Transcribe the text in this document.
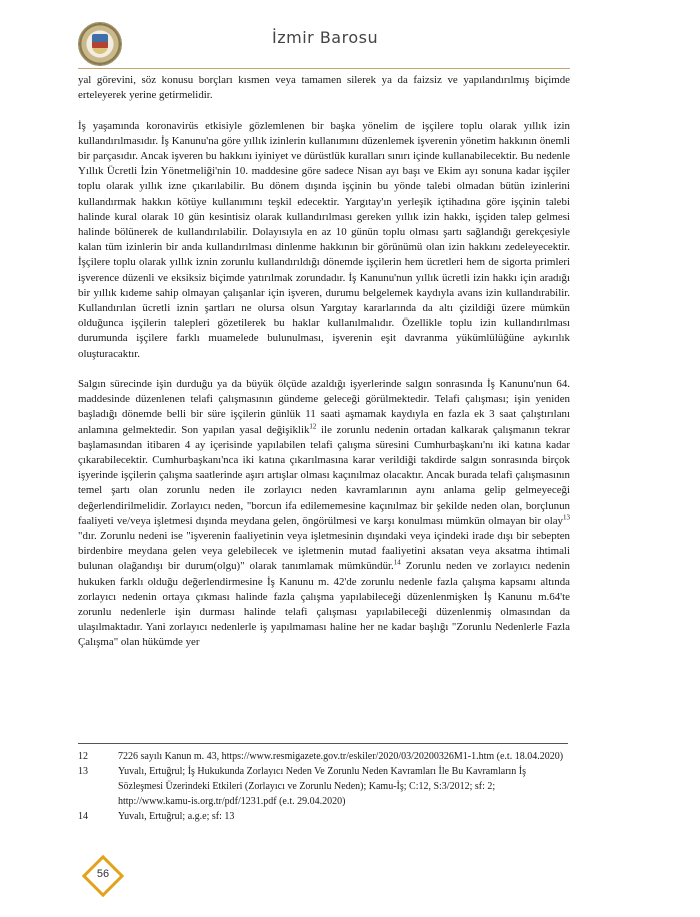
İzmir Barosu

yal görevini, söz konusu borçları kısmen veya tamamen silerek ya da faizsiz ve yapılandırılmış biçimde erteleyerek yerine getirmelidir.

İş yaşamında koronavirüs etkisiyle gözlemlenen bir başka yönelim de işçilere toplu olarak yıllık izin kullandırılmasıdır. İş Kanunu'na göre yıllık izinlerin kullanımını düzenlemek işverenin yönetim hakkının önemli bir parçasıdır. Ancak işveren bu hakkını iyiniyet ve dürüstlük kuralları sınırı içinde kullanabilecektir. Bu nedenle Yıllık Ücretli İzin Yönetmeliği'nin 10. maddesine göre sadece Nisan ayı başı ve Ekim ayı sonuna kadar işçiler toplu olarak yıllık izne çıkarılabilir. Bu dönem dışında işçinin bu yönde talebi olmadan bütün izinlerini kullandırmak hakkın kötüye kullanımını teşkil edecektir. Yargıtay'ın yerleşik içtihadına göre işçinin talebi halinde kural olarak 10 gün kesintisiz olarak kullandırılması gereken yıllık izin hakkı, işçiden talep gelmesi halinde bölünerek de kullandırılabilir. Dolayısıyla en az 10 günün toplu olması şartı sağlandığı gerekçesiyle kalan tüm izinlerin bir anda kullandırılması dinlenme hakkının bir görünümü olan izin hakkını zedeleyecektir. İşçilere toplu olarak yıllık iznin zorunlu kullandırıldığı dönemde işçilerin hem ücretleri hem de sigorta primleri işverence düzenli ve eksiksiz biçimde yatırılmak zorundadır. İş Kanunu'nun yıllık ücretli izin hakkı için aradığı bir yıllık kıdeme sahip olmayan çalışanlar için işveren, durumu belgelemek kaydıyla avans izin kullandırabilir. Kullandırılan ücretli iznin şartları ne olursa olsun Yargıtay kararlarında da altı çizildiği üzere mümkün olduğunca işçilerin talepleri gözetilerek bu haklar kullanılmalıdır. Özellikle toplu izin kullandırılması durumunda işçilere farklı muamelede bulunulması, işverenin eşit davranma yükümlülüğüne aykırılık oluşturacaktır.

Salgın sürecinde işin durduğu ya da büyük ölçüde azaldığı işyerlerinde salgın sonrasında İş Kanunu'nun 64. maddesinde düzenlenen telafi çalışmasının gündeme geleceği görülmektedir. Telafi çalışması; işin yeniden başladığı dönemde belli bir süre işçilerin günlük 11 saati aşmamak kaydıyla en fazla ek 3 saat çalıştırılanı anlamına gelmektedir. Son yapılan yasal değişiklik$^{12}$ ile zorunlu nedenin ortadan kalkarak çalışmanın tekrar başlamasından itibaren 4 ay içerisinde yapılabilen telafi çalışma süresini Cumhurbaşkanı'nı iki katına kadar çıkarabilecektir. Cumhurbaşkanı'nca iki katına çıkarılmasına karar verildiği takdirde salgın sonrasında birçok işyerinde işçilerin çalışma saatlerinde aşırı artışlar olması kaçınılmaz olacaktır. Ancak burada telafi çalışmasının temel şartı olan zorunlu neden ile zorlayıcı neden kavramlarının aynı anlama gelip gelmeyeceği değerlendirilmelidir. Zorlayıcı neden, "borcun ifa edilememesine kaçınılmaz bir şekilde neden olan, borçlunun faaliyeti ve/veya işletmesi dışında meydana gelen, öngörülmesi ve karşı konulması mümkün olmayan bir olay$^{13}$ "dır. Zorunlu nedeni ise "işverenin faaliyetinin veya işletmesinin dışındaki veya içindeki irade dışı bir sebepten birdenbire meydana gelen veya gelebilecek ve işletmenin mutad faaliyetini aksatan veya aksatma ihtimali bulunan olağandışı bir durum(olgu)" olarak tanımlamak mümkündür.$^{14}$ Zorunlu neden ve zorlayıcı nedenin hukuken farklı olduğu değerlendirmesine İş Kanunu m. 42'de zorunlu nedenle fazla çalışma kapsamı altında zorlayıcı nedenin ortaya çıkması halinde fazla çalışma yapılabileceği düzenlenmişken İş Kanunu m.64'te zorunlu nedenlerle işin durması halinde telafi çalışması yapılabileceği düzenlenmiş olmasından da ulaşılmaktadır. Yani zorlayıcı nedenlerle iş yapılmaması haline her ne kadar başlığı "Zorunlu Nedenlerle Fazla Çalışma" olan hükümde yer

12	7226 sayılı Kanun m. 43, https://www.resmigazete.gov.tr/eskiler/2020/03/20200326M1-1.htm (e.t. 18.04.2020)
13	Yuvalı, Ertuğrul; İş Hukukunda Zorlayıcı Neden Ve Zorunlu Neden Kavramları İle Bu Kavramların İş Sözleşmesi Üzerindeki Etkileri (Zorlayıcı ve Zorunlu Neden); Kamu-İş; C:12, S:3/2012; sf: 2; http://www.kamu-is.org.tr/pdf/1231.pdf (e.t. 29.04.2020)
14	Yuvalı, Ertuğrul; a.g.e; sf: 13
56
